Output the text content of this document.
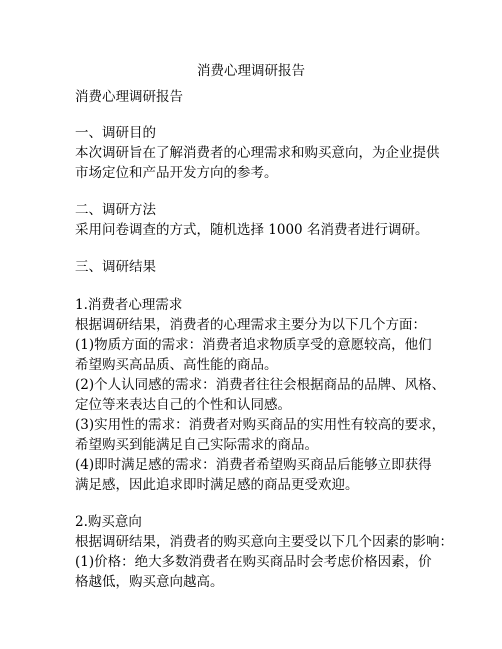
消费心理调研报告
消费心理调研报告
一、调研目的
本次调研旨在了解消费者的心理需求和购买意向，为企业提供
市场定位和产品开发方向的参考。
二、调研方法
采用问卷调查的方式，随机选择 1000 名消费者进行调研。
三、调研结果
1.消费者心理需求
根据调研结果，消费者的心理需求主要分为以下几个方面：
(1)物质方面的需求：消费者追求物质享受的意愿较高，他们
希望购买高品质、高性能的商品。
(2)个人认同感的需求：消费者往往会根据商品的品牌、风格、
定位等来表达自己的个性和认同感。
(3)实用性的需求：消费者对购买商品的实用性有较高的要求，
希望购买到能满足自己实际需求的商品。
(4)即时满足感的需求：消费者希望购买商品后能够立即获得
满足感，因此追求即时满足感的商品更受欢迎。
2.购买意向
根据调研结果，消费者的购买意向主要受以下几个因素的影响：
(1)价格：绝大多数消费者在购买商品时会考虑价格因素，价
格越低，购买意向越高。
